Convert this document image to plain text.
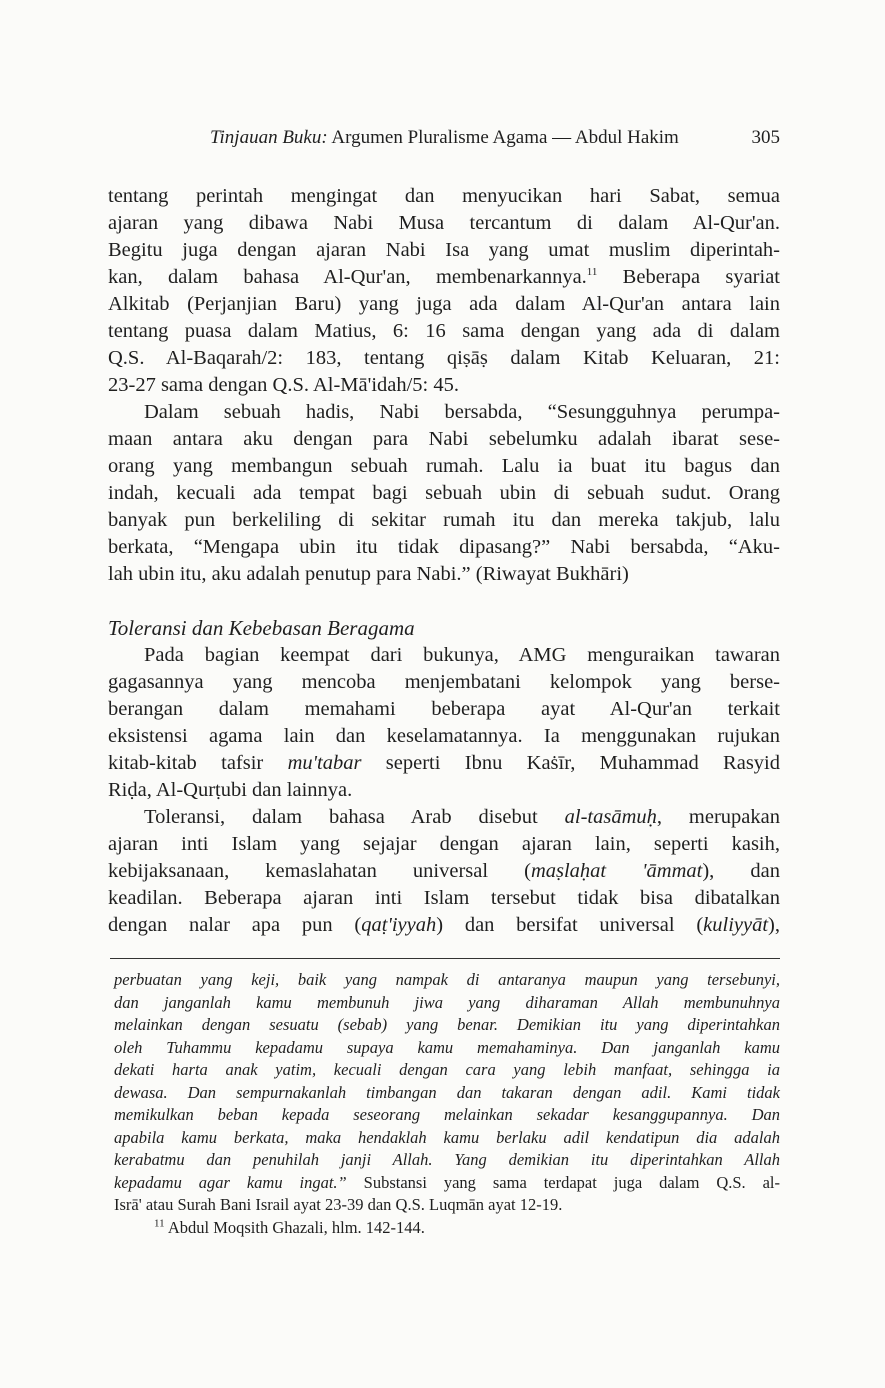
Tinjauan Buku: Argumen Pluralisme Agama — Abdul Hakim	305
tentang perintah mengingat dan menyucikan hari Sabat, semua
ajaran yang dibawa Nabi Musa tercantum di dalam Al-Qur'an.
Begitu juga dengan ajaran Nabi Isa yang umat muslim diperintah-
kan, dalam bahasa Al-Qur'an, membenarkannya.$^{11}$ Beberapa syariat
Alkitab (Perjanjian Baru) yang juga ada dalam Al-Qur'an antara lain
tentang puasa dalam Matius, 6: 16 sama dengan yang ada di dalam
Q.S. Al-Baqarah/2: 183, tentang qiṣāṣ dalam Kitab Keluaran, 21:
23-27 sama dengan Q.S. Al-Mā'idah/5: 45.
Dalam sebuah hadis, Nabi bersabda, “Sesungguhnya perumpa-
maan antara aku dengan para Nabi sebelumku adalah ibarat sese-
orang yang membangun sebuah rumah. Lalu ia buat itu bagus dan
indah, kecuali ada tempat bagi sebuah ubin di sebuah sudut. Orang
banyak pun berkeliling di sekitar rumah itu dan mereka takjub, lalu
berkata, “Mengapa ubin itu tidak dipasang?” Nabi bersabda, “Aku-
lah ubin itu, aku adalah penutup para Nabi.” (Riwayat Bukhāri)
Toleransi dan Kebebasan Beragama
Pada bagian keempat dari bukunya, AMG menguraikan tawaran
gagasannya yang mencoba menjembatani kelompok yang berse-
berangan dalam memahami beberapa ayat Al-Qur'an terkait
eksistensi agama lain dan keselamatannya. Ia menggunakan rujukan
kitab-kitab tafsir mu'tabar seperti Ibnu Kaṡīr, Muhammad Rasyid
Riḍa, Al-Qurṭubi dan lainnya.
Toleransi, dalam bahasa Arab disebut al-tasāmuḥ, merupakan
ajaran inti Islam yang sejajar dengan ajaran lain, seperti kasih,
kebijaksanaan, kemaslahatan universal (maṣlaḥat 'āmmat), dan
keadilan. Beberapa ajaran inti Islam tersebut tidak bisa dibatalkan
dengan nalar apa pun (qaṭ'iyyah) dan bersifat universal (kuliyyāt),
perbuatan yang keji, baik yang nampak di antaranya maupun yang tersebunyi,
dan janganlah kamu membunuh jiwa yang diharaman Allah membunuhnya
melainkan dengan sesuatu (sebab) yang benar. Demikian itu yang diperintahkan
oleh Tuhammu kepadamu supaya kamu memahaminya. Dan janganlah kamu
dekati harta anak yatim, kecuali dengan cara yang lebih manfaat, sehingga ia
dewasa. Dan sempurnakanlah timbangan dan takaran dengan adil. Kami tidak
memikulkan beban kepada seseorang melainkan sekadar kesanggupannya. Dan
apabila kamu berkata, maka hendaklah kamu berlaku adil kendatipun dia adalah
kerabatmu dan penuhilah janji Allah. Yang demikian itu diperintahkan Allah
kepadamu agar kamu ingat.” Substansi yang sama terdapat juga dalam Q.S. al-
Isrā' atau Surah Bani Israil ayat 23-39 dan Q.S. Luqmān ayat 12-19.
$^{11}$ Abdul Moqsith Ghazali, hlm. 142-144.
